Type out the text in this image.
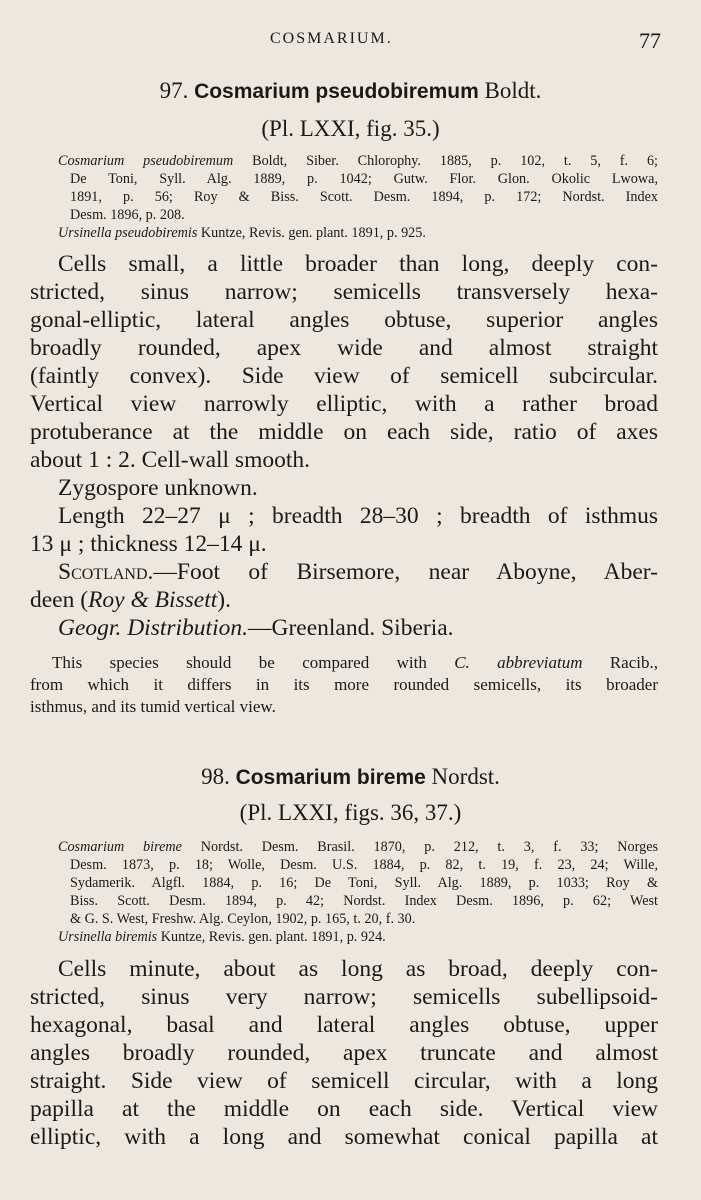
COSMARIUM.	77
97. Cosmarium pseudobiremum Boldt.
(Pl. LXXI, fig. 35.)

Cosmarium pseudobiremum Boldt, Siber. Chlorophy. 1885, p. 102, t. 5, f. 6;

De Toni, Syll. Alg. 1889, p. 1042; Gutw. Flor. Glon. Okolic Lwowa,

1891, p. 56; Roy & Biss. Scott. Desm. 1894, p. 172; Nordst. Index

Desm. 1896, p. 208.

Ursinella pseudobiremis Kuntze, Revis. gen. plant. 1891, p. 925.

Cells small, a little broader than long, deeply con-
stricted, sinus narrow; semicells transversely hexa-
gonal-elliptic, lateral angles obtuse, superior angles
broadly rounded, apex wide and almost straight
(faintly convex). Side view of semicell subcircular.
Vertical view narrowly elliptic, with a rather broad
protuberance at the middle on each side, ratio of axes
about 1 : 2. Cell-wall smooth.
Zygospore unknown.
Length 22–27 μ ; breadth 28–30 ; breadth of isthmus
13 μ ; thickness 12–14 μ.
Scotland.—Foot of Birsemore, near Aboyne, Aber-
deen (Roy & Bissett).
Geogr. Distribution.—Greenland. Siberia.
This species should be compared with C. abbreviatum Racib.,
from which it differs in its more rounded semicells, its broader
isthmus, and its tumid vertical view.
98. Cosmarium bireme Nordst.
(Pl. LXXI, figs. 36, 37.)

Cosmarium bireme Nordst. Desm. Brasil. 1870, p. 212, t. 3, f. 33; Norges

Desm. 1873, p. 18; Wolle, Desm. U.S. 1884, p. 82, t. 19, f. 23, 24; Wille,

Sydamerik. Algfl. 1884, p. 16; De Toni, Syll. Alg. 1889, p. 1033; Roy &

Biss. Scott. Desm. 1894, p. 42; Nordst. Index Desm. 1896, p. 62; West

& G. S. West, Freshw. Alg. Ceylon, 1902, p. 165, t. 20, f. 30.

Ursinella biremis Kuntze, Revis. gen. plant. 1891, p. 924.

Cells minute, about as long as broad, deeply con-
stricted, sinus very narrow; semicells subellipsoid-
hexagonal, basal and lateral angles obtuse, upper
angles broadly rounded, apex truncate and almost
straight. Side view of semicell circular, with a long
papilla at the middle on each side. Vertical view
elliptic, with a long and somewhat conical papilla at
